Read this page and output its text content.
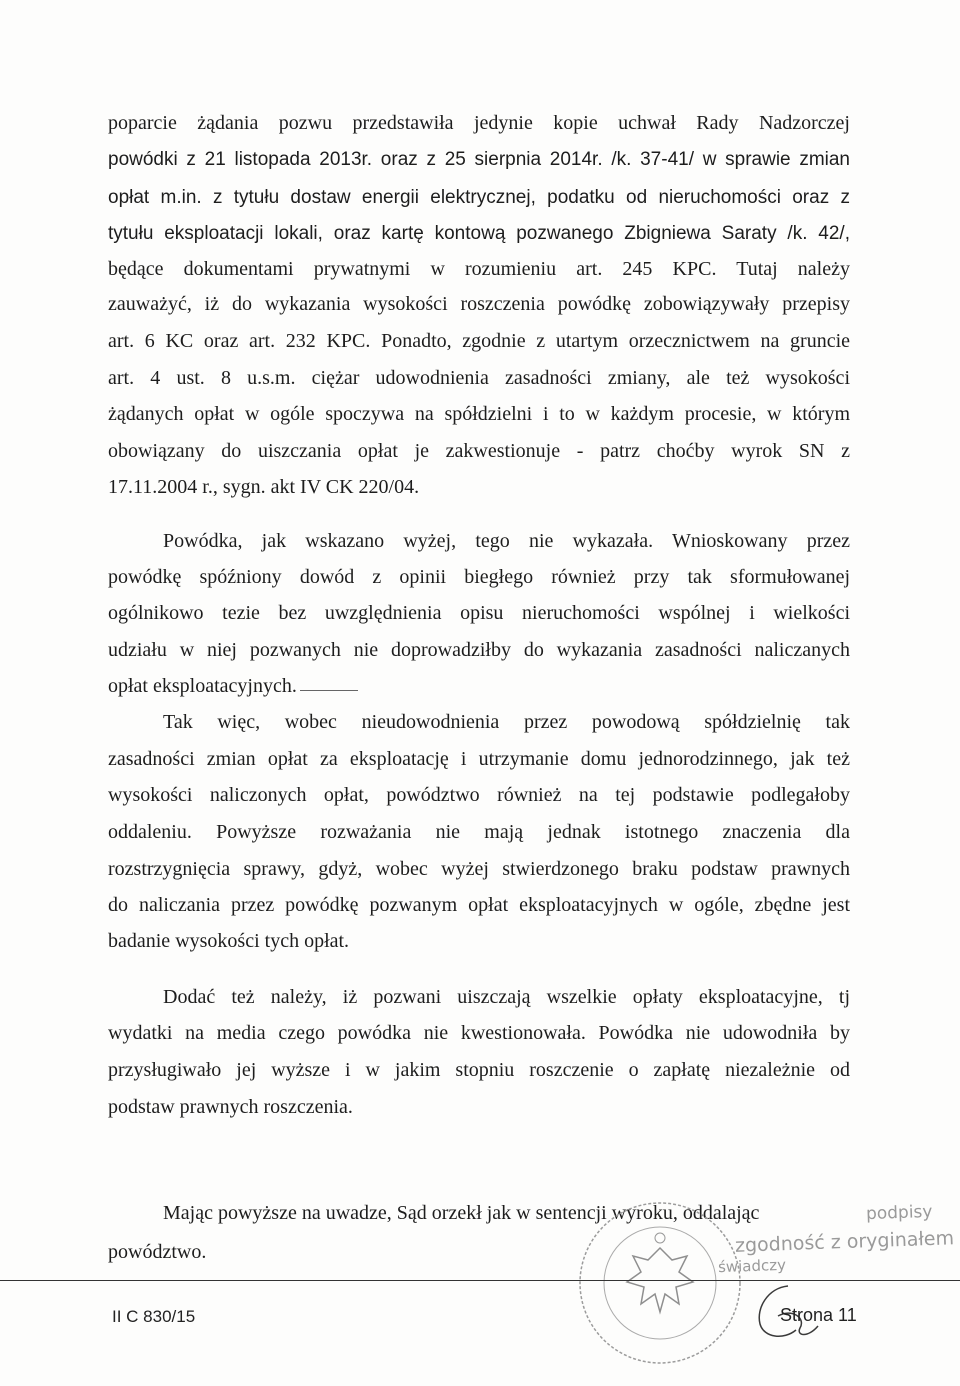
poparcie żądania pozwu przedstawiła jedynie kopie uchwał Rady Nadzorczej
powódki z 21 listopada 2013r. oraz z 25 sierpnia 2014r. /k. 37-41/ w sprawie zmian
opłat m.in. z tytułu dostaw energii elektrycznej, podatku od nieruchomości oraz z
tytułu eksploatacji lokali, oraz kartę kontową pozwanego Zbigniewa Saraty /k. 42/,
będące dokumentami prywatnymi w rozumieniu art. 245 KPC. Tutaj należy
zauważyć, iż do wykazania wysokości roszczenia powódkę zobowiązywały przepisy
art. 6 KC oraz art. 232 KPC. Ponadto, zgodnie z utartym orzecznictwem na gruncie
art. 4 ust. 8 u.s.m. ciężar udowodnienia zasadności zmiany, ale też wysokości
żądanych opłat w ogóle spoczywa na spółdzielni i to w każdym procesie, w którym
obowiązany do uiszczania opłat je zakwestionuje - patrz choćby wyrok SN z
17.11.2004 r., sygn. akt IV CK 220/04.
Powódka, jak wskazano wyżej, tego nie wykazała. Wnioskowany przez
powódkę spóźniony dowód z opinii biegłego również przy tak sformułowanej
ogólnikowo tezie bez uwzględnienia opisu nieruchomości wspólnej i wielkości
udziału w niej pozwanych nie doprowadziłby do wykazania zasadności naliczanych
opłat eksploatacyjnych.
Tak więc, wobec nieudowodnienia przez powodową spółdzielnię tak
zasadności zmian opłat za eksploatację i utrzymanie domu jednorodzinnego, jak też
wysokości naliczonych opłat, powództwo również na tej podstawie podlegałoby
oddaleniu. Powyższe rozważania nie mają jednak istotnego znaczenia dla
rozstrzygnięcia sprawy, gdyż, wobec wyżej stwierdzonego braku podstaw prawnych
do naliczania przez powódkę pozwanym opłat eksploatacyjnych w ogóle, zbędne jest
badanie wysokości tych opłat.
Dodać też należy, iż pozwani uiszczają wszelkie opłaty eksploatacyjne, tj
wydatki na media czego powódka nie kwestionowała. Powódka nie udowodniła by
przysługiwało jej wyższe i w jakim stopniu roszczenie o zapłatę niezależnie od
podstaw prawnych roszczenia.
Mając powyższe na uwadze, Sąd orzekł jak w sentencji wyroku, oddalając
powództwo.
podpisy
zgodność z oryginałem
świadczy
II C 830/15	Strona 11
